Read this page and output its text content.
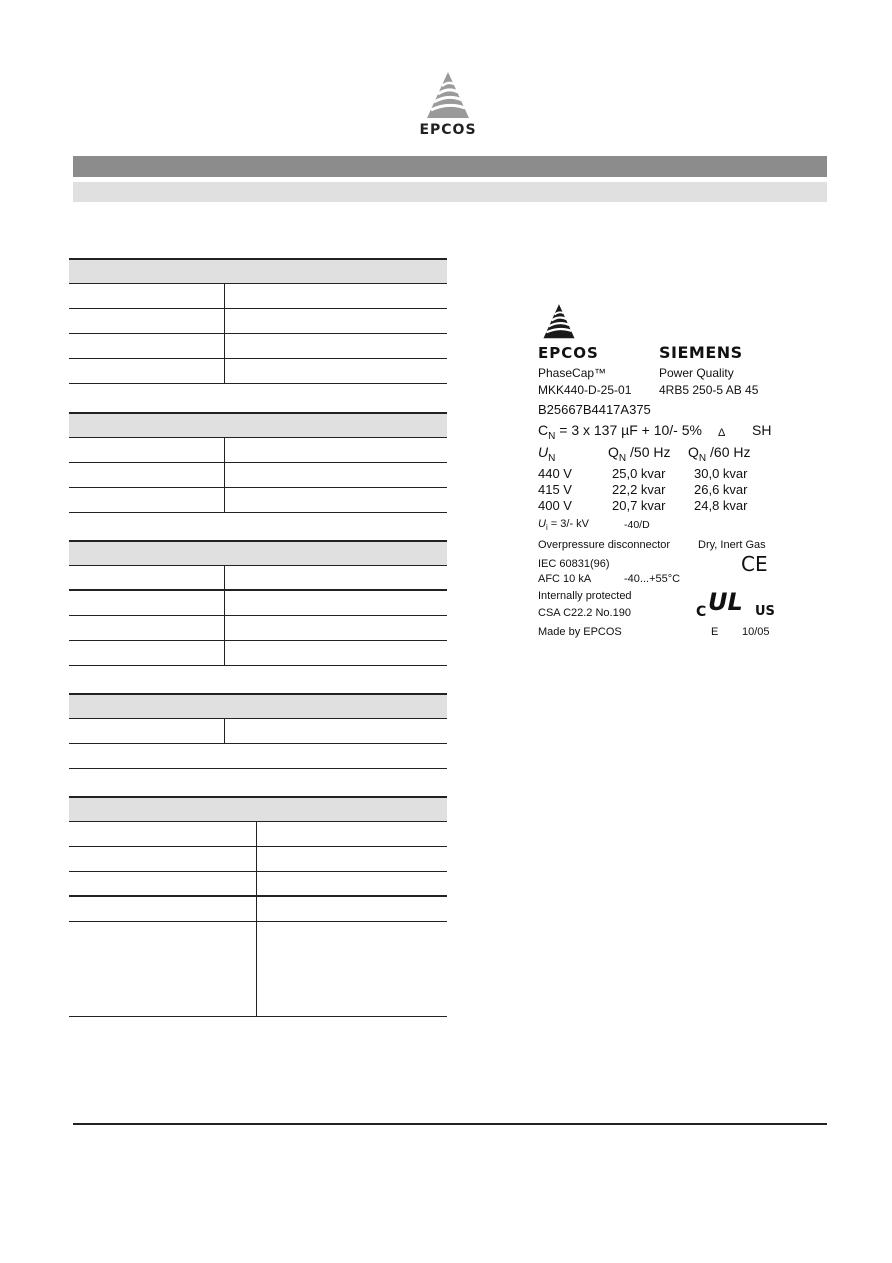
EPCOS
EPCOS	SIEMENS
PhaseCap™	Power Quality
MKK440-D-25-01 4RB5 250-5 AB 45
B25667B4417A375
$C_N = 3$ x 137 µF + 10/- 5% Δ SH
$U_N$	$Q_N$ /50 Hz $Q_N$ /60 Hz
440 V	25,0 kvar 30,0 kvar
415 V	22,2 kvar 26,6 kvar
400 V	20,7 kvar 24,8 kvar
$U_i = 3/-$ kV	-40/D
Overpressure disconnector	Dry, Inert Gas
IEC 60831(96)	CE
AFC 10 kA	-40...+55°C
Internally protected
CSA C22.2 No.190	C UL US
Made by EPCOS	E 10/05
